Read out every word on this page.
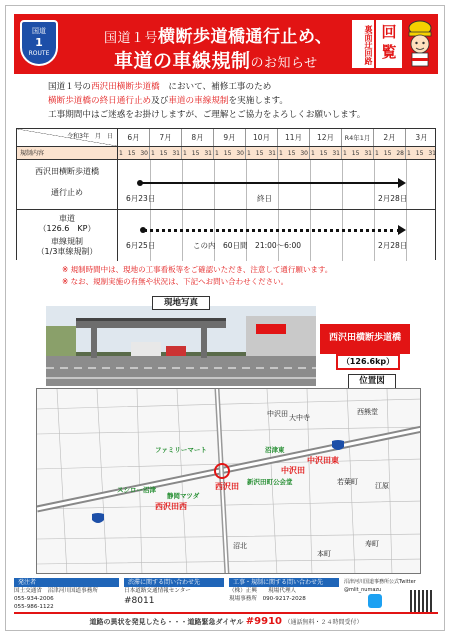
国道
1
ROUTE
国道１号横断歩道橋通行止め、
車道の車線規制のお知らせ	裏面迂回路 回覧
国道１号の西沢田横断歩道橋　において、補修工事のため
横断歩道橋の終日通行止め及び車道の車線規制を実施します。
工事期間中はご迷惑をお掛けしますが、ご理解とご協力をよろしくお願いします。
令和3年　月　日	6月	7月	8月	9月	10月	11月	12月	R4年1月	2月	3月
規制内容	1 15 30 1 15 31 1 15 31 1 15 30 1 15 31 1 15 30 1 15 31 1 15 31 1 15 28 1 15 31
西沢田横断歩道橋
通行止め
6月23日	終日	2月28日
車道
（126.6　KP）
車線規制
（1/3車線規制）
6月25日	この内　60日間　21:00～6:00	2月28日
※ 規制時間中は、現地の工事看板等をご確認いただき、注意して通行願います。
※ なお、規制実施の有無や状況は、下記へお問い合わせください。
現地写真
西沢田横断歩道橋
（126.6kp）
位置図
ファミリーマート
西沢田
西沢田西
沼津東
中沢田
中沢田東
新沢田町公会堂
スシロー沼津
静岡マツダ
大中寺
西熊堂
若葉町 江原
寿町
本町
沼北
中沢田
発注者
国土交通省　沼津河川国道事務所
055-934-2006
055-986-1122
渋滞に関する問い合わせ先
日本道路交通情報センター
#8011
工事・規制に関する問い合わせ先
（株）正興　　現場代理人
現場事務所　090-9217-2028
沼津河川国道事務所公式Twitter
@mlit_numazu
道路の異状を発見したら・・・道路緊急ダイヤル #9910 （通話無料・２４時間受付）
